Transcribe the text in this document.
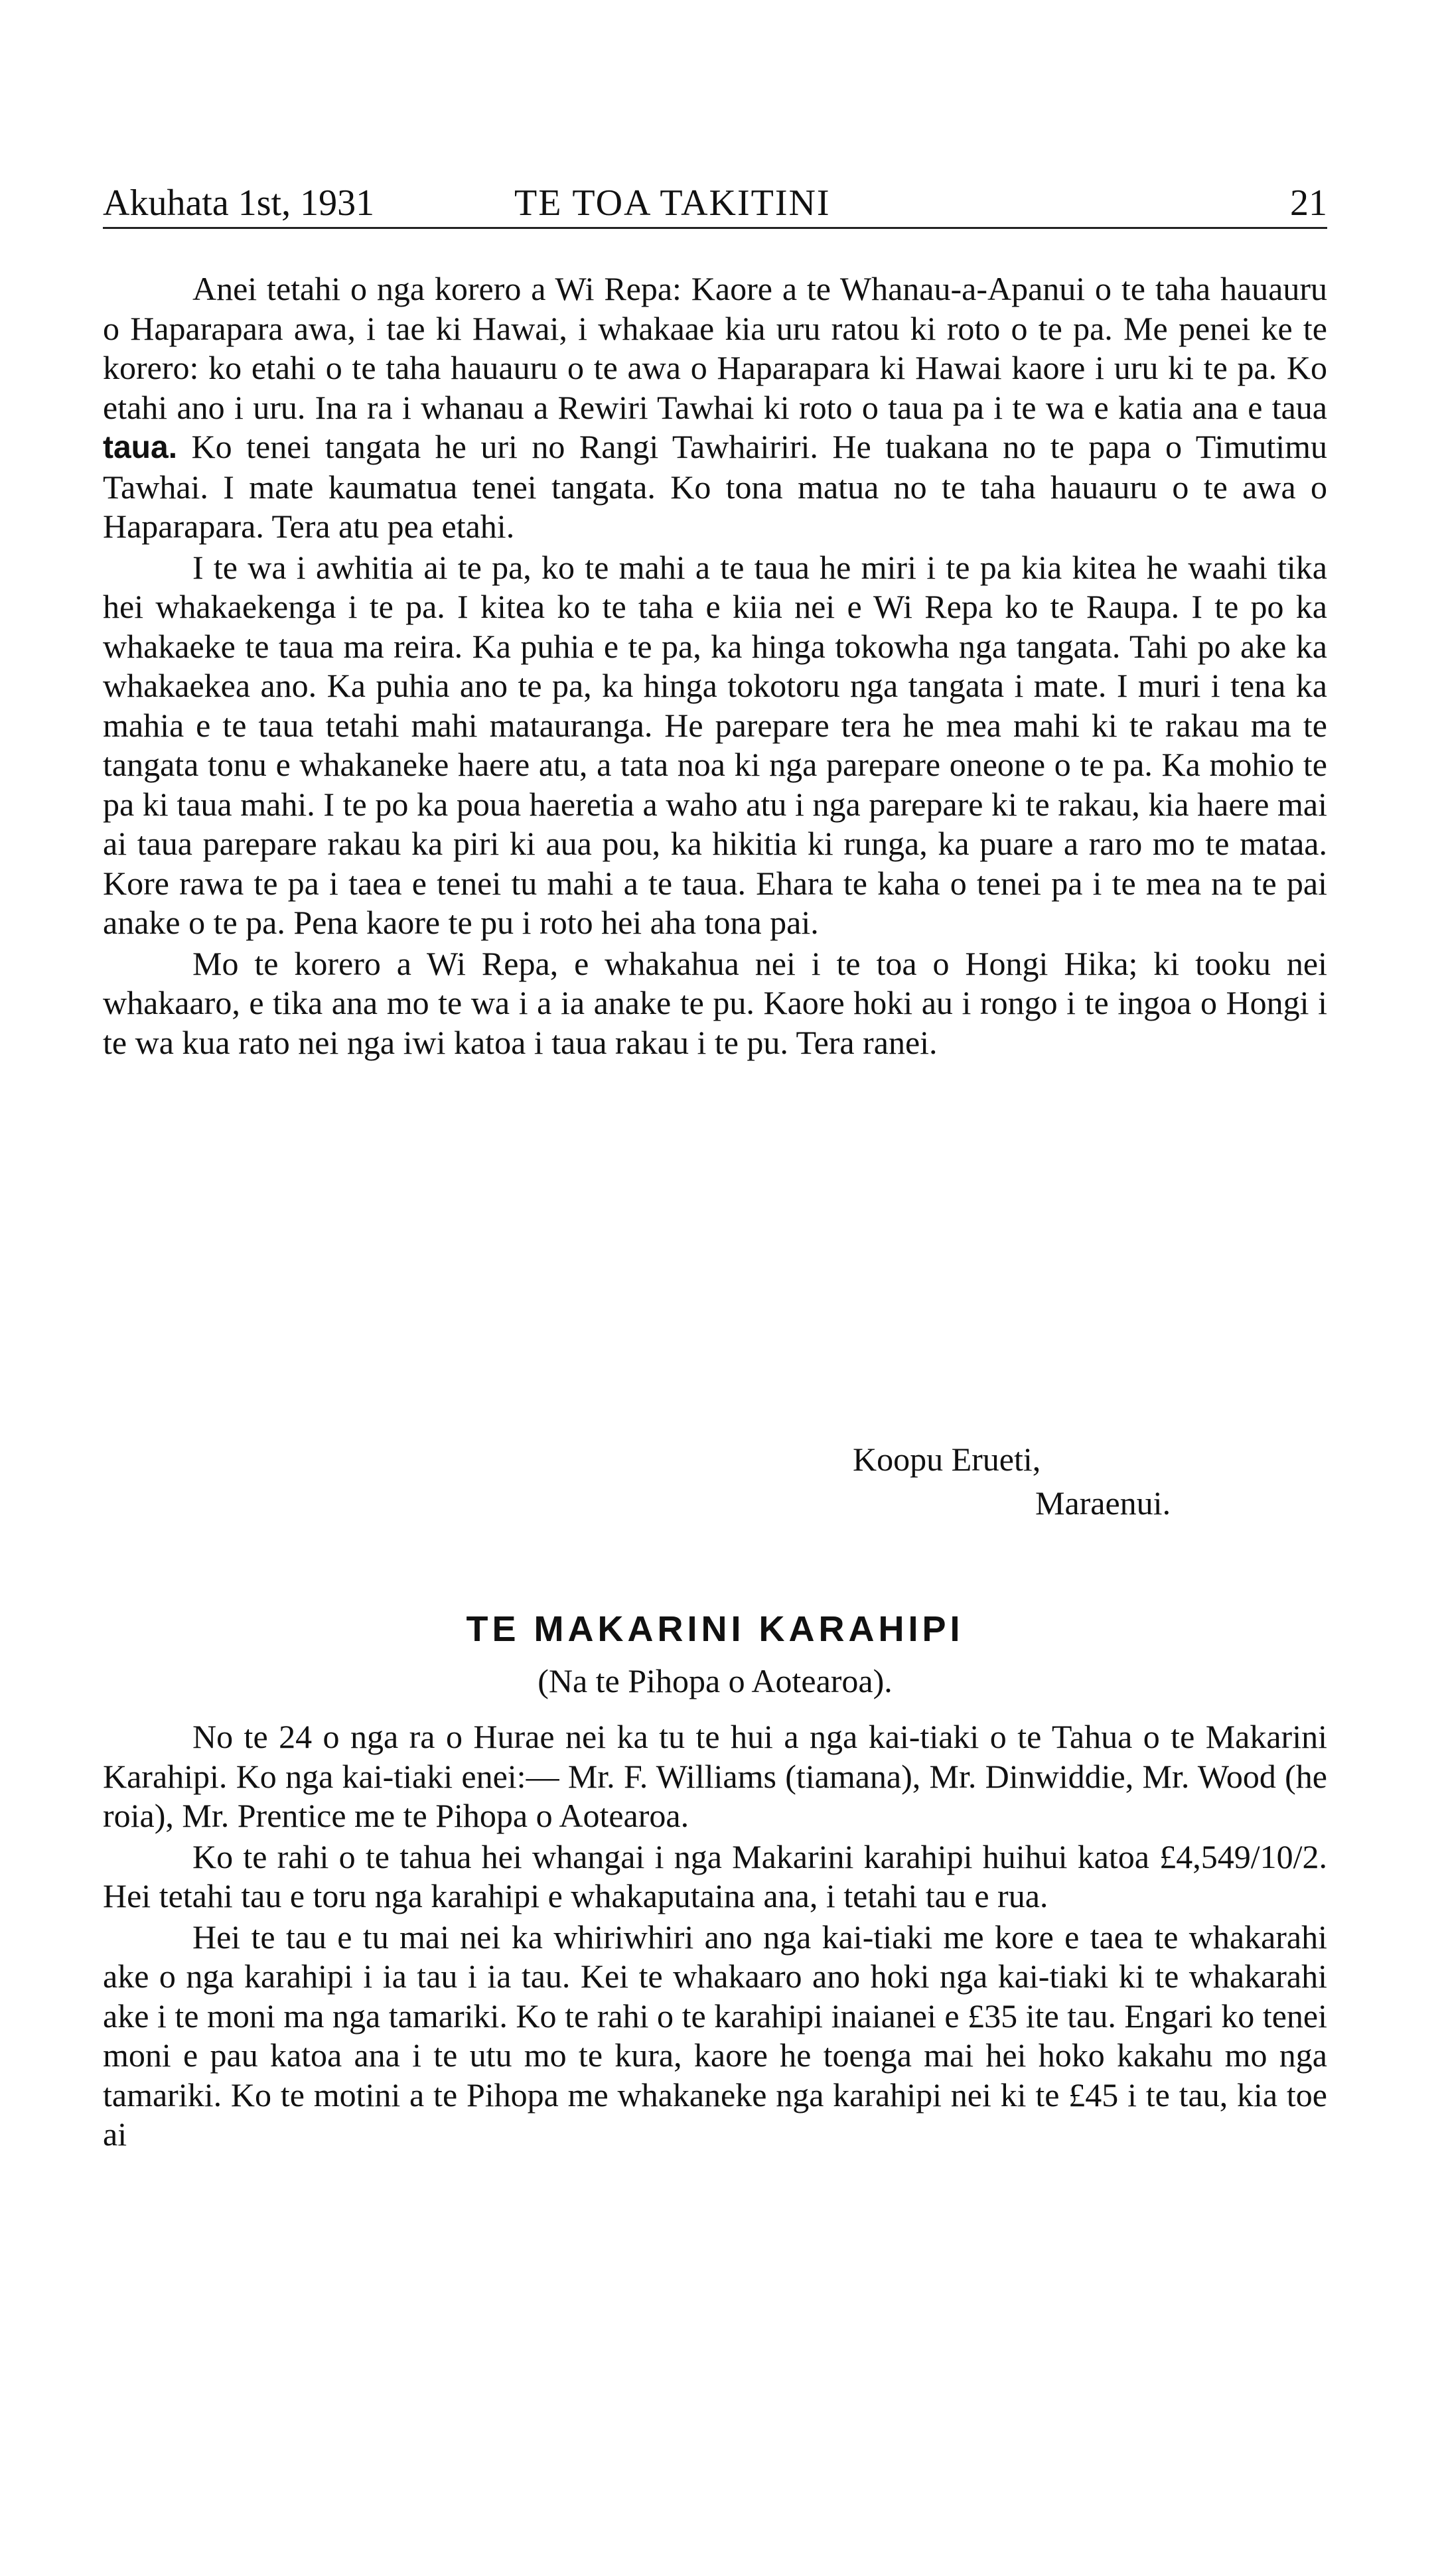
Akuhata 1st, 1931	TE TOA TAKITINI	21

Anei tetahi o nga korero a Wi Repa: Kaore a te Whanau-a-Apanui o te taha hauauru o Haparapara awa, i tae ki Hawai, i whakaae kia uru ratou ki roto o te pa. Me penei ke te korero: ko etahi o te taha hauauru o te awa o Haparapara ki Hawai kaore i uru ki te pa. Ko etahi ano i uru. Ina ra i whanau a Rewiri Tawhai ki roto o taua pa i te wa e katia ana e taua taua. Ko tenei tangata he uri no Rangi Tawhairiri. He tuakana no te papa o Timutimu Tawhai. I mate kaumatua tenei tangata. Ko tona matua no te taha hauauru o te awa o Haparapara. Tera atu pea etahi.

I te wa i awhitia ai te pa, ko te mahi a te taua he miri i te pa kia kitea he waahi tika hei whakaekenga i te pa. I kitea ko te taha e kiia nei e Wi Repa ko te Raupa. I te po ka whakaeke te taua ma reira. Ka puhia e te pa, ka hinga tokowha nga tangata. Tahi po ake ka whakaekea ano. Ka puhia ano te pa, ka hinga tokotoru nga tangata i mate. I muri i tena ka mahia e te taua tetahi mahi matauranga. He parepare tera he mea mahi ki te rakau ma te tangata tonu e whakaneke haere atu, a tata noa ki nga parepare oneone o te pa. Ka mohio te pa ki taua mahi. I te po ka poua haeretia a waho atu i nga parepare ki te rakau, kia haere mai ai taua parepare rakau ka piri ki aua pou, ka hikitia ki runga, ka puare a raro mo te mataa. Kore rawa te pa i taea e tenei tu mahi a te taua. Ehara te kaha o tenei pa i te mea na te pai anake o te pa. Pena kaore te pu i roto hei aha tona pai.

Mo te korero a Wi Repa, e whakahua nei i te toa o Hongi Hika; ki tooku nei whakaaro, e tika ana mo te wa i a ia anake te pu. Kaore hoki au i rongo i te ingoa o Hongi i te wa kua rato nei nga iwi katoa i taua rakau i te pu. Tera ranei.

Koopu Erueti,
Maraenui.
TE MAKARINI KARAHIPI
(Na te Pihopa o Aotearoa).

No te 24 o nga ra o Hurae nei ka tu te hui a nga kai-tiaki o te Tahua o te Makarini Karahipi. Ko nga kai-tiaki enei:— Mr. F. Williams (tiamana), Mr. Dinwiddie, Mr. Wood (he roia), Mr. Prentice me te Pihopa o Aotearoa.

Ko te rahi o te tahua hei whangai i nga Makarini karahipi huihui katoa £4,549/10/2. Hei tetahi tau e toru nga karahipi e whakaputaina ana, i tetahi tau e rua.

Hei te tau e tu mai nei ka whiriwhiri ano nga kai-tiaki me kore e taea te whakarahi ake o nga karahipi i ia tau i ia tau. Kei te whakaaro ano hoki nga kai-tiaki ki te whakarahi ake i te moni ma nga tamariki. Ko te rahi o te karahipi inaianei e £35 ite tau. Engari ko tenei moni e pau katoa ana i te utu mo te kura, kaore he toenga mai hei hoko kakahu mo nga tamariki. Ko te motini a te Pihopa me whakaneke nga karahipi nei ki te £45 i te tau, kia toe ai
